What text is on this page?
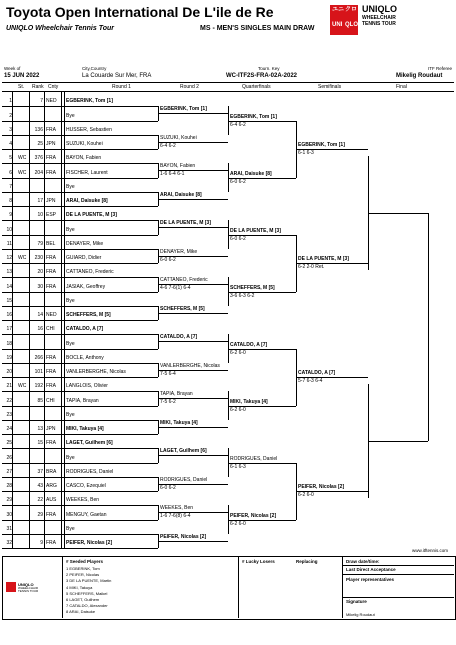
Toyota Open International De L'ile de Re
UNIQLO Wheelchair Tennis Tour	MS - MEN'S SINGLES MAIN DRAW
ユニ クロ
UNI QLO
UNIQLO
WHEELCHAIR
TENNIS TOUR
Week of
15 JUN 2022
City,Country
La Couarde Sur Mer, FRA
Tourn. Key
WC-ITF2S-FRA-02A-2022
ITF Referee
Mikelig Roudaut
St. Rank Cnty	Round 1	Round 2	Quarterfinals	Semifinals	Final
1	7 NED EGBERINK, Tom [1]
2	Bye
3	136 FRA HUSSER, Sebastien
4	25 JPN SUZUKI, Kouhei
5 WC	376 FRA BAYON, Fabien
6 WC	204 FRA FISCHER, Laurent
7	Bye
8	17 JPN ARAI, Daisuke [8]
9	10 ESP DE LA PUENTE, M [3]
10	Bye
11	79 BEL DENAYER, Mike
12 WC	230 FRA GUIARD, Didier
13	20 FRA CATTANEO, Frederic
14	30 FRA JASIAK, Geoffrey
15	Bye
16	14 NED SCHEFFERS, M [5]
17	16 CHI CATALDO, A [7]
18	Bye
19	266 FRA BOCLE, Anthony
20	101 FRA VANLERBERGHE, Nicolas
21 WC	192 FRA LANGLOIS, Olivier
22	85 CHI TAPIA, Brayan
23	Bye
24	13 JPN MIKI, Takuya [4]
25	15 FRA LAGET, Guilhem [6]
26	Bye
27	37 BRA RODRIGUES, Daniel
28	43 ARG CASCO, Ezequiel
29	22 AUS WEEKES, Ben
30	29 FRA MENGUY, Gaetan
31	Bye
32	9 FRA PEIFER, Nicolas [2]
EGBERINK, Tom [1]
SUZUKI, Kouhei
6-4 6-2
BAYON, Fabien
1-6 6-4 6-1
ARAI, Daisuke [8]
DE LA PUENTE, M [3]
DENAYER, Mike
6-0 6-2
CATTANEO, Frederic
4-6 7-6(1) 6-4
SCHEFFERS, M [5]
CATALDO, A [7]
VANLERBERGHE, Nicolas
7-5 6-4
TAPIA, Brayan
7-5 6-2
MIKI, Takuya [4]
LAGET, Guilhem [6]
RODRIGUES, Daniel
6-0 6-2
WEEKES, Ben
1-6 7-6(8) 6-4
PEIFER, Nicolas [2]
EGBERINK, Tom [1]
6-4 6-2
ARAI, Daisuke [8]
6-0 6-2
DE LA PUENTE, M [3]
6-0 6-2
SCHEFFERS, M [5]
3-6 6-3 6-2
CATALDO, A [7]
6-2 6-0
MIKI, Takuya [4]
6-2 6-0
RODRIGUES, Daniel
6-1 6-3
PEIFER, Nicolas [2]
6-2 6-0
EGBERINK, Tom [1]
6-1 6-3
DE LA PUENTE, M [3]
6-2 2-0 Ret.
CATALDO, A [7]
5-7 6-3 6-4
PEIFER, Nicolas [2]
6-2 6-0
www.itftennis.com
UNIQLO
WHEELCHAIR
TENNIS TOUR
# Seeded Players
1 EGBERINK, Tom
2 PEIFER, Nicolas
3 DE LA PUENTE, Martin
4 MIKI, Takuya
5 SCHEFFERS, Maikel
6 LAGET, Guilhem
7 CATALDO, Alexander
8 ARAI, Daisuke
# Lucky Losers	Replacing	Draw date/time:
Last Direct Acceptance
Player representatives
Signature
Mikelig Roudaut
